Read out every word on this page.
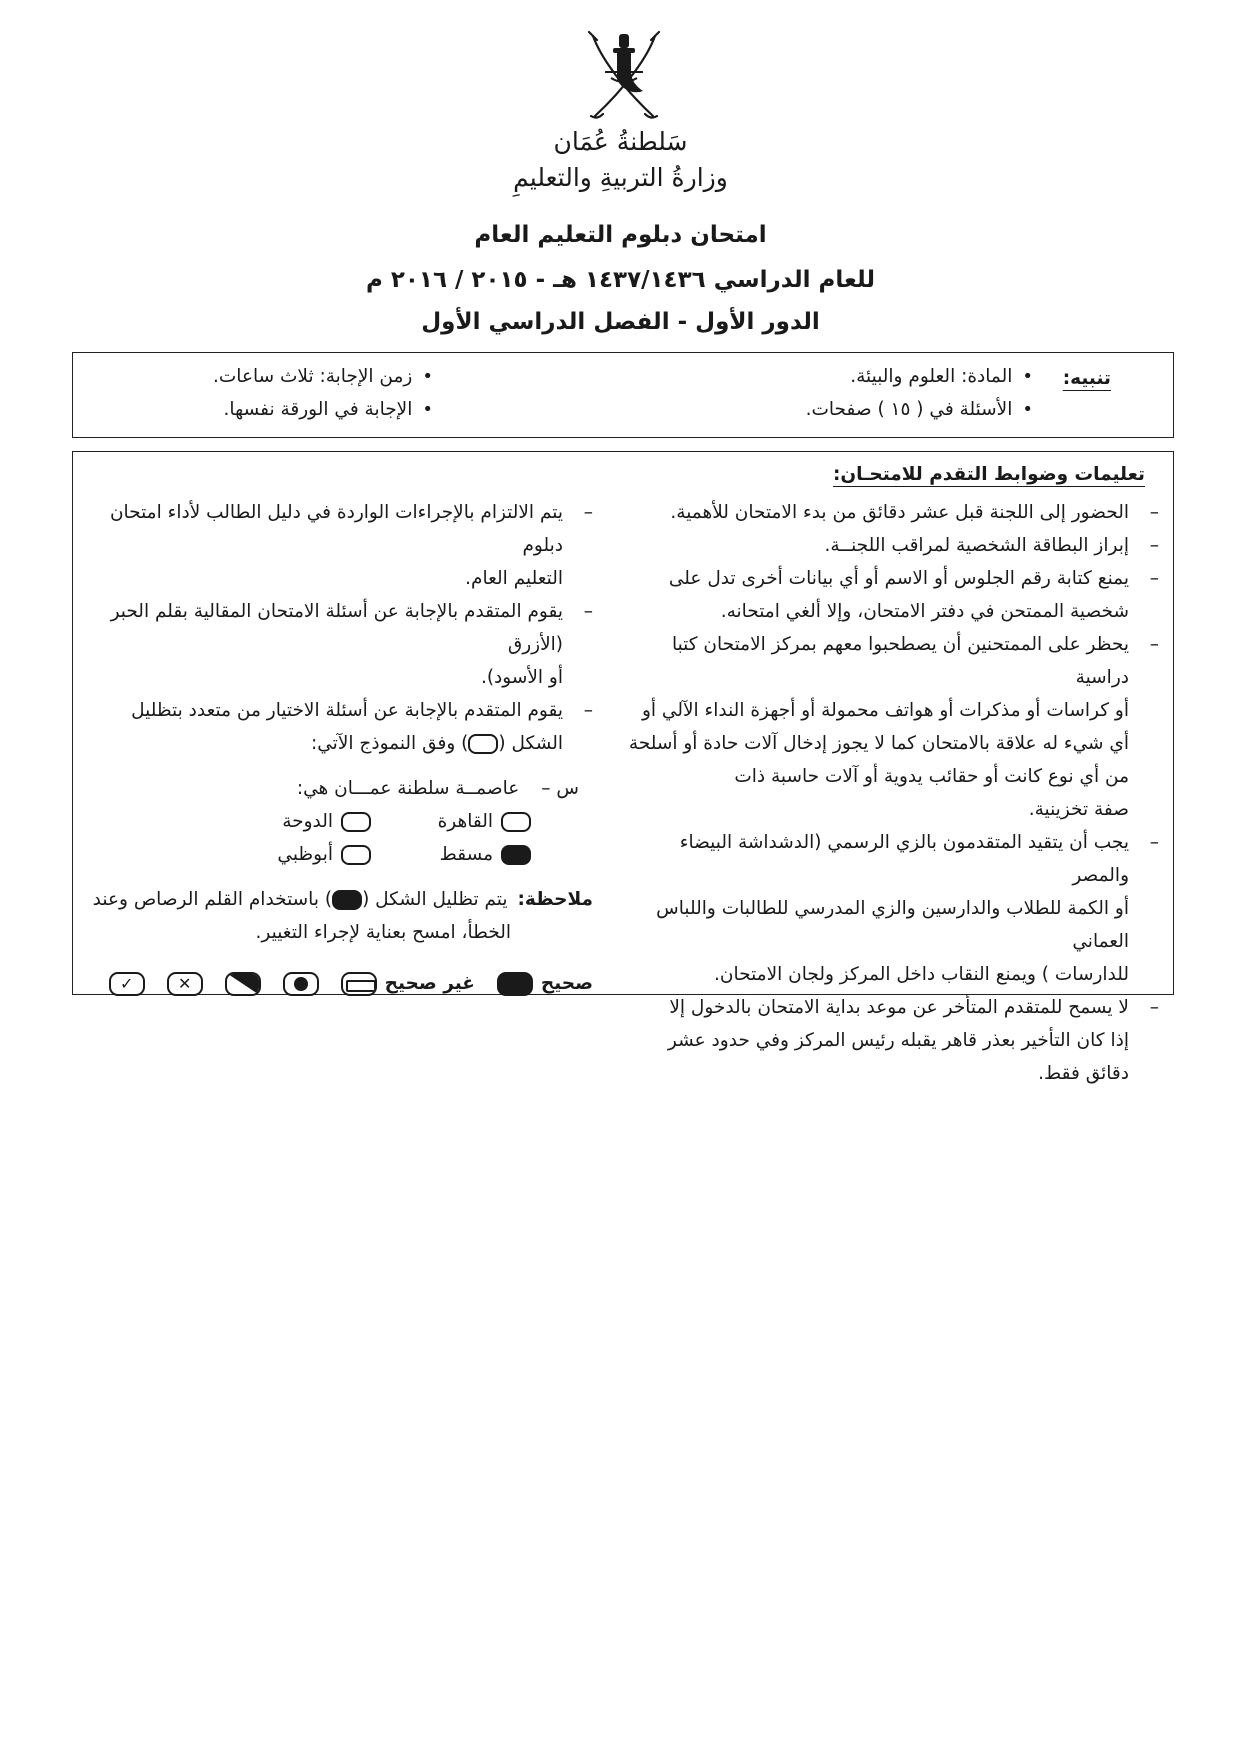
سَلطنةُ عُمَان
وزارةُ التربيةِ والتعليمِ
امتحان دبلوم التعليم العام
للعام الدراسي ١٤٣٧/١٤٣٦ هـ - ٢٠١٥ / ٢٠١٦ م
الدور الأول - الفصل الدراسي الأول
تنبيه:
•
المادة: العلوم والبيئة.
•
الأسئلة في ( ١٥ ) صفحات.
•
زمن الإجابة: ثلاث ساعات.
•
الإجابة في الورقة نفسها.
تعليمات وضوابط التقدم للامتحـان:
–
الحضور إلى اللجنة قبل عشر دقائق من بدء الامتحان للأهمية.
–
إبراز البطاقة الشخصية لمراقب اللجنــة.
–
يمنع كتابة رقم الجلوس أو الاسم أو أي بيانات أخرى تدل على
شخصية الممتحن في دفتر الامتحان، وإلا ألغي امتحانه.
–
يحظر على الممتحنين أن يصطحبوا معهم بمركز الامتحان كتبا دراسية
أو كراسات أو مذكرات أو هواتف محمولة أو أجهزة النداء الآلي أو
أي شيء له علاقة بالامتحان كما لا يجوز إدخال آلات حادة أو أسلحة
من أي نوع كانت أو حقائب يدوية أو آلات حاسبة ذات
صفة تخزينية.
–
يجب أن يتقيد المتقدمون بالزي الرسمي (الدشداشة البيضاء والمصر
أو الكمة للطلاب والدارسين والزي المدرسي للطالبات واللباس العماني
للدارسات ) ويمنع النقاب داخل المركز ولجان الامتحان.
–
لا يسمح للمتقدم المتأخر عن موعد بداية الامتحان بالدخول إلا
إذا كان التأخير بعذر قاهر يقبله رئيس المركز وفي حدود عشر
دقائق فقط.
–
يتم الالتزام بالإجراءات الواردة في دليل الطالب لأداء امتحان دبلوم
التعليم العام.
–
يقوم المتقدم بالإجابة عن أسئلة الامتحان المقالية بقلم الحبر (الأزرق
أو الأسود).
–
يقوم المتقدم بالإجابة عن أسئلة الاختيار من متعدد بتظليل
الشكل () وفق النموذج الآتي:
س –
عاصمــة سلطنة عمـــان هي:
القاهرة
الدوحة
مسقط
أبوظبي
ملاحظة:يتم تظليل الشكل () باستخدام القلم الرصاص وعند
الخطأ، امسح بعناية لإجراء التغيير.
صحيح
غير صحيح
✕
✓
